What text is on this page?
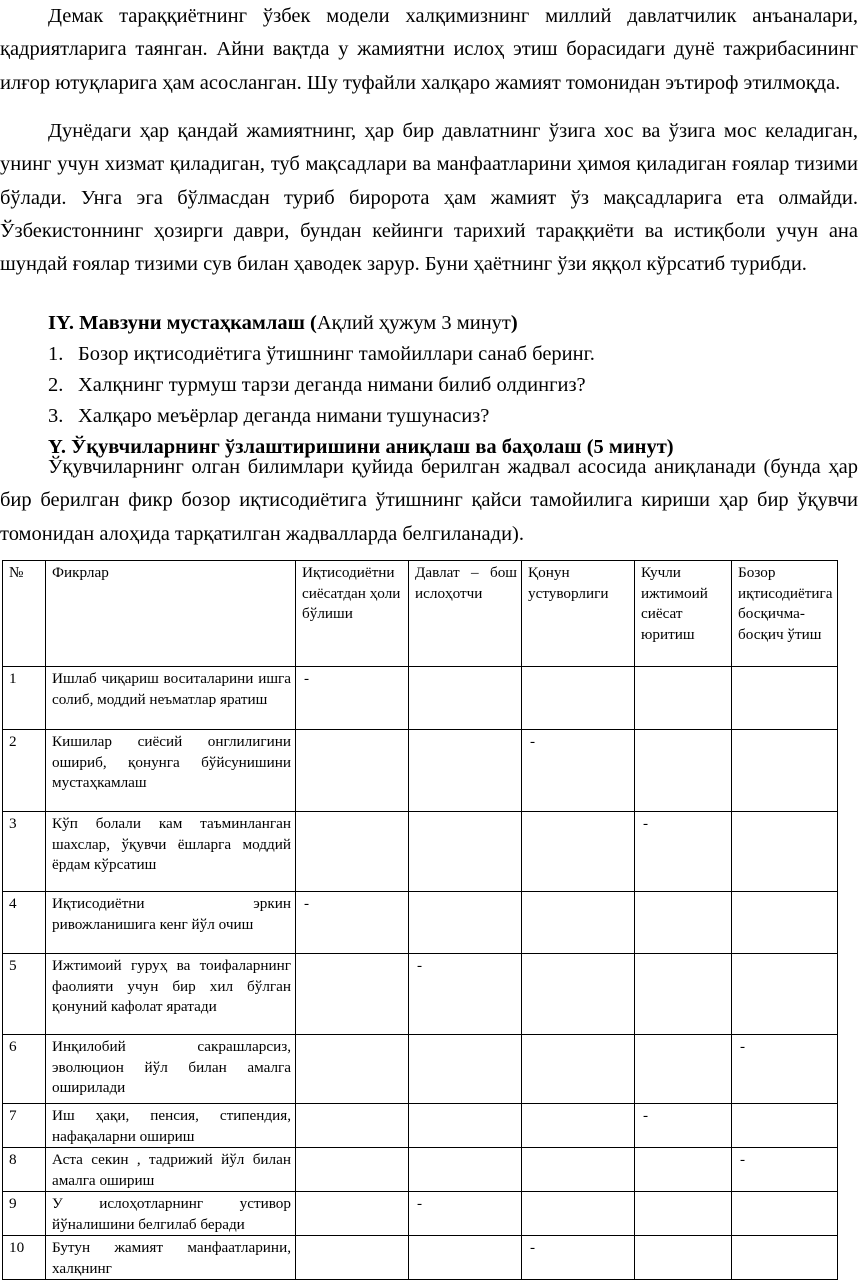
Демак тараққиётнинг ўзбек модели халқимизнинг миллий давлатчилик анъаналари, қадриятларига таянган. Айни вақтда у жамиятни ислоҳ этиш борасидаги дунё тажрибасининг илғор ютуқларига ҳам асосланган. Шу туфайли халқаро жамият томонидан эътироф этилмоқда.

Дунёдаги ҳар қандай жамиятнинг, ҳар бир давлатнинг ўзига хос ва ўзига мос келадиган, унинг учун хизмат қиладиган, туб мақсадлари ва манфаатларини ҳимоя қиладиган ғоялар тизими бўлади. Унга эга бўлмасдан туриб биророта ҳам жамият ўз мақсадларига ета олмайди. Ўзбекистоннинг ҳозирги даври, бундан кейинги тарихий тараққиёти ва истиқболи учун ана шундай ғоялар тизими сув билан ҳаводек зарур. Буни ҳаётнинг ўзи яққол кўрсатиб турибди.

IY. Мавзуни мустаҳкамлаш (Ақлий ҳужум 3 минут)

1. Бозор иқтисодиётига ўтишнинг тамойиллари санаб беринг.

2. Халқнинг турмуш тарзи деганда нимани билиб олдингиз?

3. Халқаро меъёрлар деганда нимани тушунасиз?

Y. Ўқувчиларнинг ўзлаштиришини аниқлаш ва баҳолаш (5 минут)

Ўқувчиларнинг олган билимлари қуйида берилган жадвал асосида аниқланади (бунда ҳар бир берилган фикр бозор иқтисодиётига ўтишнинг қайси тамойилига кириши ҳар бир ўқувчи томонидан алоҳида тарқатилган жадвалларда белгиланади).

№	Фикрлар	Иқтисодиётни сиёсатдан ҳоли бўлиши	Давлат – бош ислоҳотчи	Қонун устуворлиги	Кучли ижтимоий сиёсат юритиш	Бозор иқтисодиётига босқичма-босқич ўтиш
1	Ишлаб чиқариш воситаларини ишга солиб, моддий неъматлар яратиш	-				
2	Кишилар сиёсий онглилигини ошириб, қонунга бўйсунишини мустаҳкамлаш			-		
3	Кўп болали кам таъминланган шахслар, ўқувчи ёшларга моддий ёрдам кўрсатиш				-	
4	Иқтисодиётни эркин ривожланишига кенг йўл очиш	-				
5	Ижтимоий гуруҳ ва тоифаларнинг фаолияти учун бир хил бўлган қонуний кафолат яратади		-			
6	Инқилобий сакрашларсиз, эволюцион йўл билан амалга оширилади					-
7	Иш ҳақи, пенсия, стипендия, нафақаларни ошириш				-	
8	Аста секин , тадрижий йўл билан амалга ошириш					-
9	У ислоҳотларнинг устивор йўналишини белгилаб беради		-			
10	Бутун жамият манфаатларини, халқнинг			-		
